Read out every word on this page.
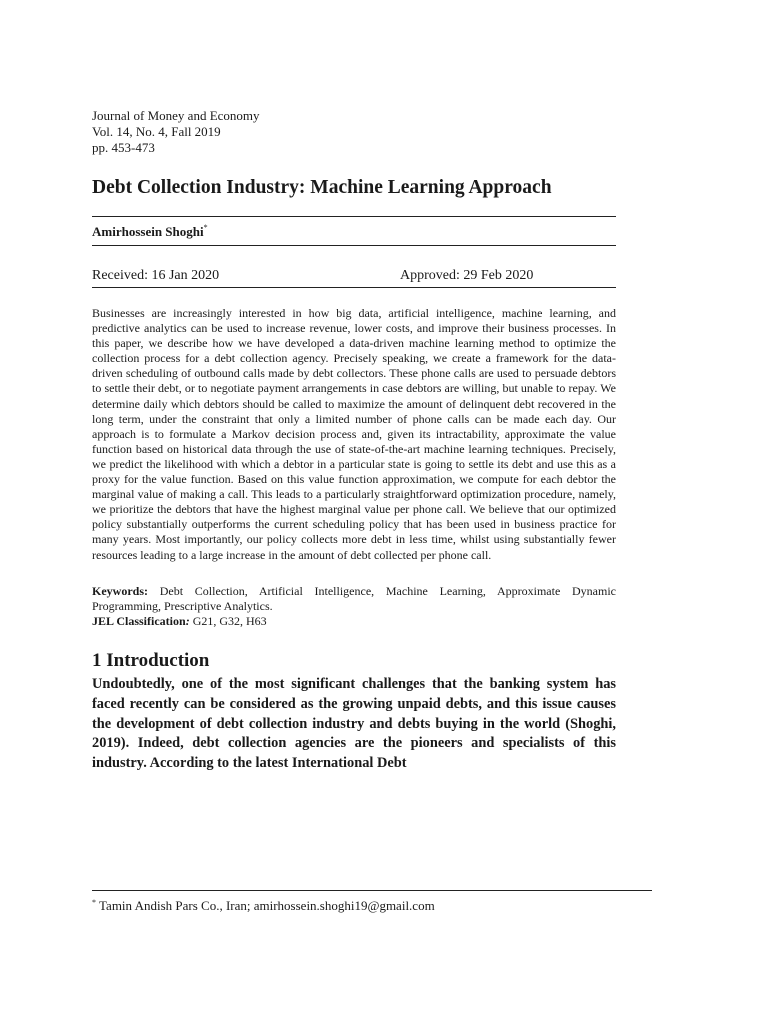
Journal of Money and Economy
Vol. 14, No. 4, Fall 2019
pp. 453-473
Debt Collection Industry: Machine Learning Approach
Amirhossein Shoghi*
Received: 16 Jan 2020	Approved: 29 Feb 2020
Businesses are increasingly interested in how big data, artificial intelligence, machine learning, and predictive analytics can be used to increase revenue, lower costs, and improve their business processes. In this paper, we describe how we have developed a data-driven machine learning method to optimize the collection process for a debt collection agency. Precisely speaking, we create a framework for the data-driven scheduling of outbound calls made by debt collectors. These phone calls are used to persuade debtors to settle their debt, or to negotiate payment arrangements in case debtors are willing, but unable to repay. We determine daily which debtors should be called to maximize the amount of delinquent debt recovered in the long term, under the constraint that only a limited number of phone calls can be made each day. Our approach is to formulate a Markov decision process and, given its intractability, approximate the value function based on historical data through the use of state-of-the-art machine learning techniques. Precisely, we predict the likelihood with which a debtor in a particular state is going to settle its debt and use this as a proxy for the value function. Based on this value function approximation, we compute for each debtor the marginal value of making a call. This leads to a particularly straightforward optimization procedure, namely, we prioritize the debtors that have the highest marginal value per phone call. We believe that our optimized policy substantially outperforms the current scheduling policy that has been used in business practice for many years. Most importantly, our policy collects more debt in less time, whilst using substantially fewer resources leading to a large increase in the amount of debt collected per phone call.
Keywords: Debt Collection, Artificial Intelligence, Machine Learning, Approximate Dynamic Programming, Prescriptive Analytics.
JEL Classification: G21, G32, H63
1 Introduction
Undoubtedly, one of the most significant challenges that the banking system has faced recently can be considered as the growing unpaid debts, and this issue causes the development of debt collection industry and debts buying in the world (Shoghi, 2019). Indeed, debt collection agencies are the pioneers and specialists of this industry. According to the latest International Debt
* Tamin Andish Pars Co., Iran; amirhossein.shoghi19@gmail.com
